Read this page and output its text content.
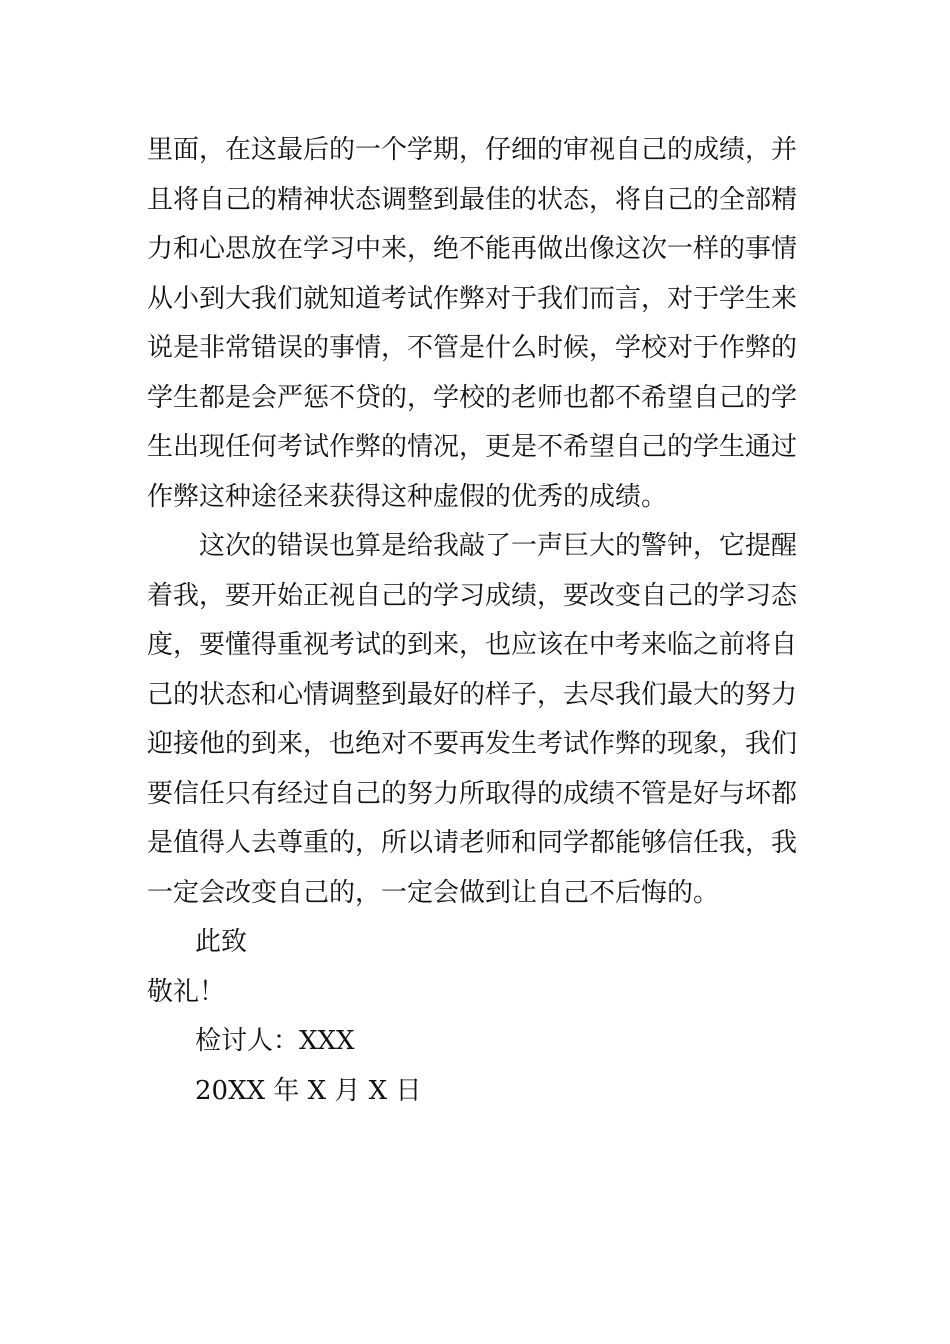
里面，在这最后的一个学期，仔细的审视自己的成绩，并
且将自己的精神状态调整到最佳的状态，将自己的全部精
力和心思放在学习中来，绝不能再做出像这次一样的事情
从小到大我们就知道考试作弊对于我们而言，对于学生来
说是非常错误的事情，不管是什么时候，学校对于作弊的
学生都是会严惩不贷的，学校的老师也都不希望自己的学
生出现任何考试作弊的情况，更是不希望自己的学生通过
作弊这种途径来获得这种虚假的优秀的成绩。
这次的错误也算是给我敲了一声巨大的警钟，它提醒
着我，要开始正视自己的学习成绩，要改变自己的学习态
度，要懂得重视考试的到来，也应该在中考来临之前将自
己的状态和心情调整到最好的样子，去尽我们最大的努力
迎接他的到来，也绝对不要再发生考试作弊的现象，我们
要信任只有经过自己的努力所取得的成绩不管是好与坏都
是值得人去尊重的，所以请老师和同学都能够信任我，我
一定会改变自己的，一定会做到让自己不后悔的。
此致
敬礼！
检讨人：XXX
20XX 年 X 月 X 日
